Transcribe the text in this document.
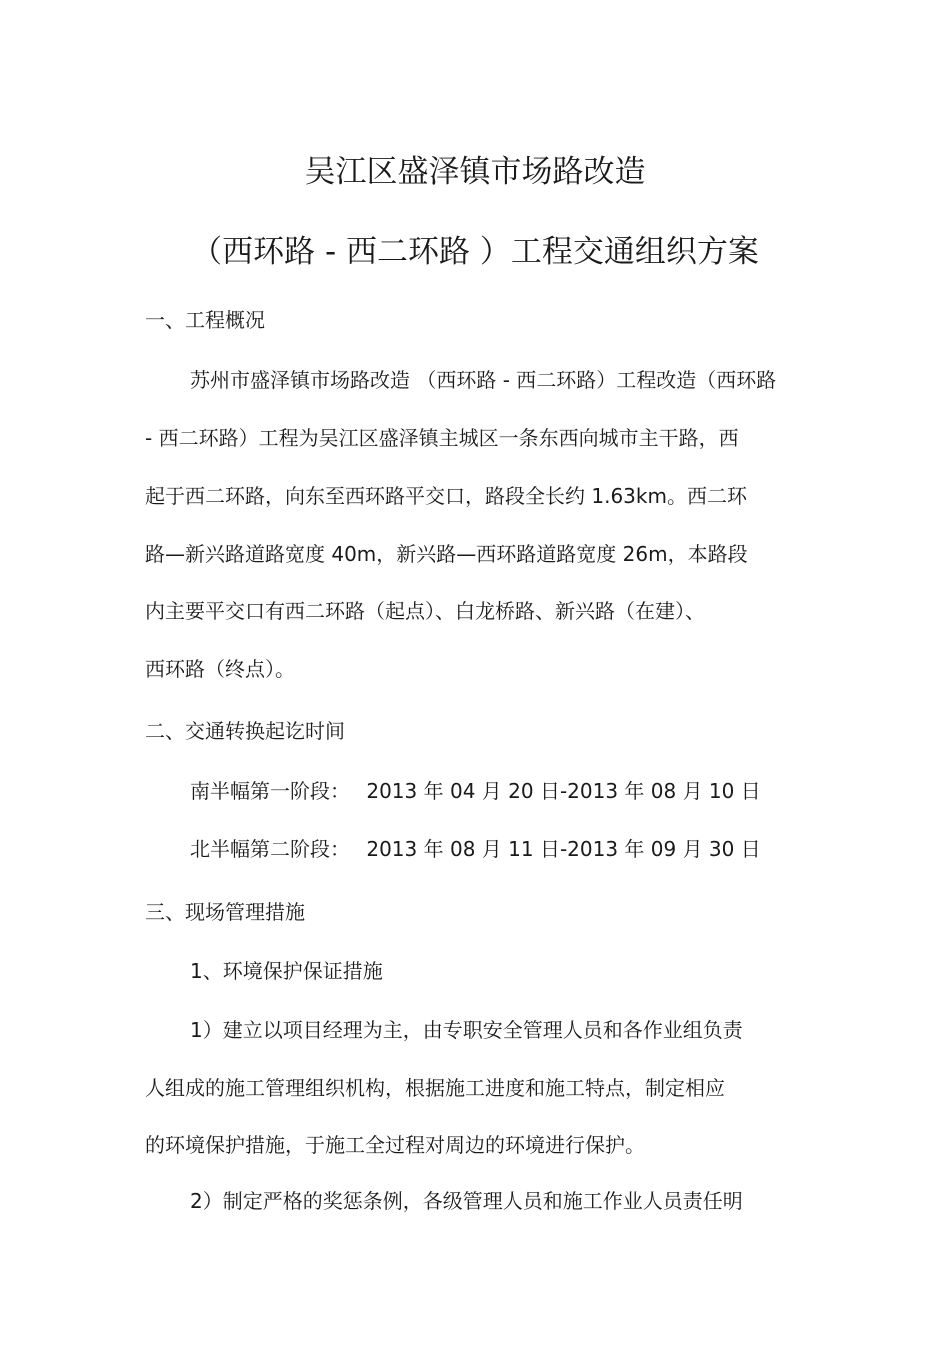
吴江区盛泽镇市场路改造
（西环路 - 西二环路 ）工程交通组织方案
一、工程概况
苏州市盛泽镇市场路改造 （西环路 - 西二环路）工程改造（西环路
- 西二环路）工程为吴江区盛泽镇主城区一条东西向城市主干路，西
起于西二环路，向东至西环路平交口，路段全长约 1.63km。西二环
路—新兴路道路宽度 40m，新兴路—西环路道路宽度 26m，本路段
内主要平交口有西二环路（起点）、白龙桥路、新兴路（在建）、
西环路（终点）。
二、交通转换起讫时间
南半幅第一阶段： 2013 年 04 月 20 日-2013 年 08 月 10 日
北半幅第二阶段： 2013 年 08 月 11 日-2013 年 09 月 30 日
三、现场管理措施
1、环境保护保证措施
1）建立以项目经理为主，由专职安全管理人员和各作业组负责
人组成的施工管理组织机构，根据施工进度和施工特点，制定相应
的环境保护措施，于施工全过程对周边的环境进行保护。
2）制定严格的奖惩条例，各级管理人员和施工作业人员责任明
